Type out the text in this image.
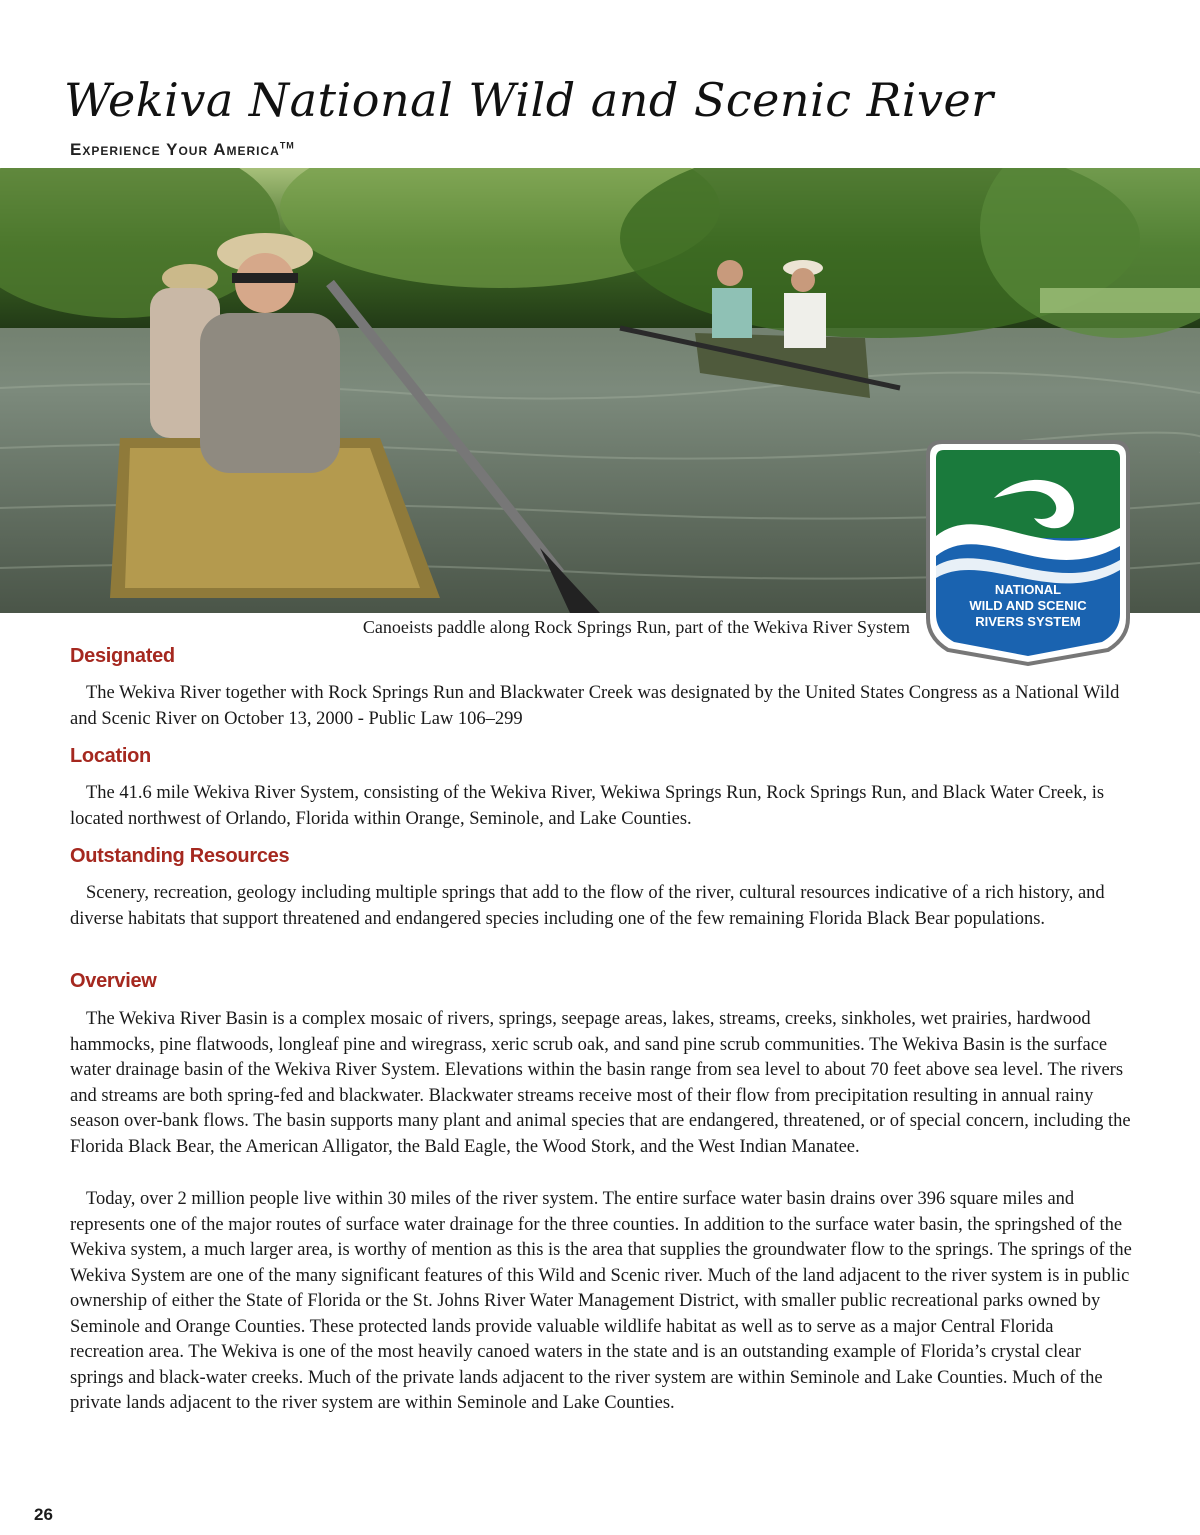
Wekiva National Wild and Scenic River
Experience Your America™
Canoeists paddle along Rock Springs Run, part of the Wekiva River System
NATIONAL
WILD AND SCENIC
RIVERS SYSTEM
Designated

The Wekiva River together with Rock Springs Run and Blackwater Creek was designated by the United States Congress as a National Wild and Scenic River on October 13, 2000 - Public Law 106–299

Location

The 41.6 mile Wekiva River System, consisting of the Wekiva River, Wekiwa Springs Run, Rock Springs Run, and Black Water Creek, is located northwest of Orlando, Florida within Orange, Seminole, and Lake Counties.

Outstanding Resources

Scenery, recreation, geology including multiple springs that add to the flow of the river, cultural resources indicative of a rich history, and diverse habitats that support threatened and endangered species including one of the few remaining Florida Black Bear populations.

Overview

The Wekiva River Basin is a complex mosaic of rivers, springs, seepage areas, lakes, streams, creeks, sinkholes, wet prairies, hardwood hammocks, pine flatwoods, longleaf pine and wiregrass, xeric scrub oak, and sand pine scrub communities. The Wekiva Basin is the surface water drainage basin of the Wekiva River System. Elevations within the basin range from sea level to about 70 feet above sea level. The rivers and streams are both spring-fed and blackwater. Blackwater streams receive most of their flow from precipitation resulting in annual rainy season over-bank flows. The basin supports many plant and animal species that are endangered, threatened, or of special concern, including the Florida Black Bear, the American Alligator, the Bald Eagle, the Wood Stork, and the West Indian Manatee.

Today, over 2 million people live within 30 miles of the river system. The entire surface water basin drains over 396 square miles and represents one of the major routes of surface water drainage for the three counties. In addition to the surface water basin, the springshed of the Wekiva system, a much larger area, is worthy of mention as this is the area that supplies the groundwater flow to the springs. The springs of the Wekiva System are one of the many significant features of this Wild and Scenic river. Much of the land adjacent to the river system is in public ownership of either the State of Florida or the St. Johns River Water Management District, with smaller public recreational parks owned by Seminole and Orange Counties. These protected lands provide valuable wildlife habitat as well as to serve as a major Central Florida recreation area. The Wekiva is one of the most heavily canoed waters in the state and is an outstanding example of Florida’s crystal clear springs and black-water creeks. Much of the private lands adjacent to the river system are within Seminole and Lake Counties. Much of the private lands adjacent to the river system are within Seminole and Lake Counties.

26
